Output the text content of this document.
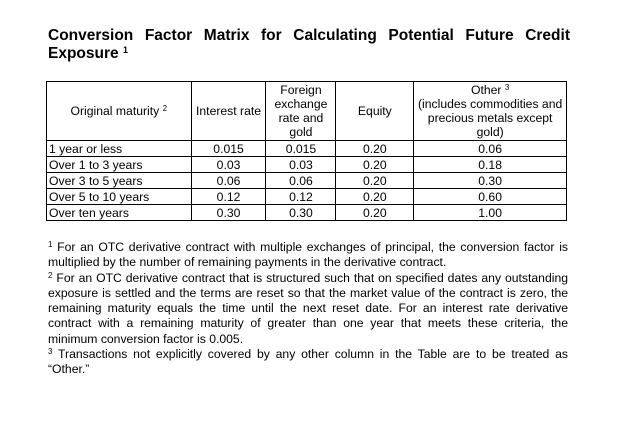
Conversion Factor Matrix for Calculating Potential Future Credit Exposure $^1$
Original maturity $^2$	Interest rate	Foreign exchange rate and gold	Equity	Other $^3$
(includes commodities and precious metals except gold)
1 year or less	0.015	0.015	0.20	0.06
Over 1 to 3 years	0.03	0.03	0.20	0.18
Over 3 to 5 years	0.06	0.06	0.20	0.30
Over 5 to 10 years	0.12	0.12	0.20	0.60
Over ten years	0.30	0.30	0.20	1.00

$^1$ For an OTC derivative contract with multiple exchanges of principal, the conversion factor is multiplied by the number of remaining payments in the derivative contract.

$^2$ For an OTC derivative contract that is structured such that on specified dates any outstanding exposure is settled and the terms are reset so that the market value of the contract is zero, the remaining maturity equals the time until the next reset date. For an interest rate derivative contract with a remaining maturity of greater than one year that meets these criteria, the minimum conversion factor is 0.005.

$^3$ Transactions not explicitly covered by any other column in the Table are to be treated as “Other.”
